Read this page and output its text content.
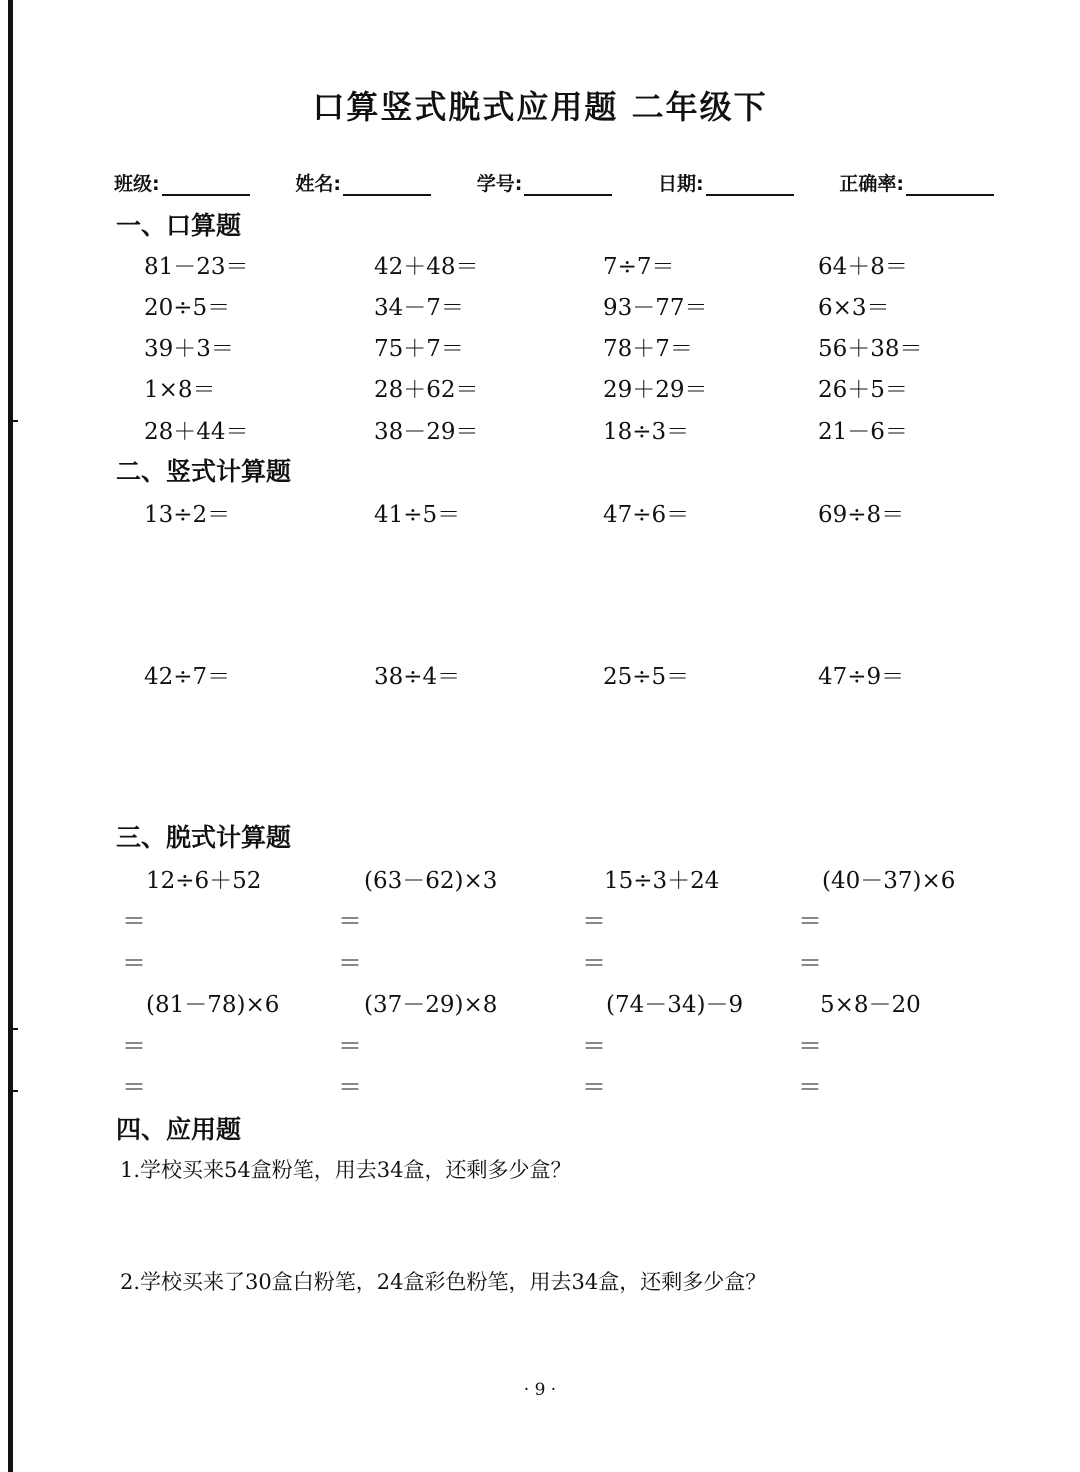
口算竖式脱式应用题 二年级下
班级:	姓名:	学号:	日期:	正确率:
一、口算题
81－23＝	42＋48＝	7÷7＝	64＋8＝
20÷5＝	34－7＝	93－77＝	6×3＝
39＋3＝	75＋7＝	78＋7＝	56＋38＝
1×8＝	28＋62＝	29＋29＝	26＋5＝
28＋44＝	38－29＝	18÷3＝	21－6＝
二、竖式计算题
13÷2＝	41÷5＝	47÷6＝	69÷8＝
42÷7＝	38÷4＝	25÷5＝	47÷9＝
三、脱式计算题
12÷6＋52	(63－62)×3	15÷3＋24	(40－37)×6
＝	＝	＝	＝
＝	＝	＝	＝
(81－78)×6	(37－29)×8	(74－34)－9	5×8－20
＝	＝	＝	＝
＝	＝	＝	＝
四、应用题
1.学校买来54盒粉笔，用去34盒，还剩多少盒？
2.学校买来了30盒白粉笔，24盒彩色粉笔，用去34盒，还剩多少盒？
· 9 ·
